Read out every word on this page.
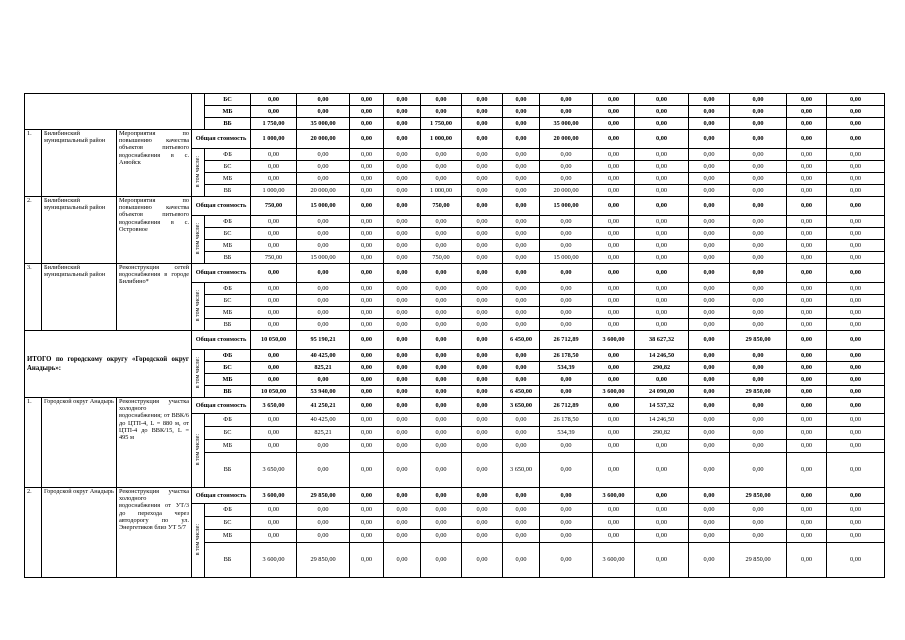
				БС	0,00	0,00	0,00	0,00	0,00	0,00	0,00	0,00	0,00	0,00	0,00	0,00	0,00	0,00
				МБ	0,00	0,00	0,00	0,00	0,00	0,00	0,00	0,00	0,00	0,00	0,00	0,00	0,00	0,00
				ВБ	1 750,00	35 000,00	0,00	0,00	1 750,00	0,00	0,00	35 000,00	0,00	0,00	0,00	0,00	0,00	0,00
1.	Билибинский муниципальный район	Мероприятия по повышению качества объектов питьевого водоснабжения в с. Анюйск	Общая стоимость		1 000,00	20 000,00	0,00	0,00	1 000,00	0,00	0,00	20 000,00	0,00	0,00	0,00	0,00	0,00	0,00
			в том числе:	ФБ	0,00	0,00	0,00	0,00	0,00	0,00	0,00	0,00	0,00	0,00	0,00	0,00	0,00	0,00
				БС	0,00	0,00	0,00	0,00	0,00	0,00	0,00	0,00	0,00	0,00	0,00	0,00	0,00	0,00
				МБ	0,00	0,00	0,00	0,00	0,00	0,00	0,00	0,00	0,00	0,00	0,00	0,00	0,00	0,00
				ВБ	1 000,00	20 000,00	0,00	0,00	1 000,00	0,00	0,00	20 000,00	0,00	0,00	0,00	0,00	0,00	0,00
2.	Билибинский муниципальный район	Мероприятия по повышению качества объектов питьевого водоснабжения в с. Островное	Общая стоимость		750,00	15 000,00	0,00	0,00	750,00	0,00	0,00	15 000,00	0,00	0,00	0,00	0,00	0,00	0,00
			в том числе:	ФБ	0,00	0,00	0,00	0,00	0,00	0,00	0,00	0,00	0,00	0,00	0,00	0,00	0,00	0,00
				БС	0,00	0,00	0,00	0,00	0,00	0,00	0,00	0,00	0,00	0,00	0,00	0,00	0,00	0,00
				МБ	0,00	0,00	0,00	0,00	0,00	0,00	0,00	0,00	0,00	0,00	0,00	0,00	0,00	0,00
				ВБ	750,00	15 000,00	0,00	0,00	750,00	0,00	0,00	15 000,00	0,00	0,00	0,00	0,00	0,00	0,00
3.	Билибинский муниципальный район	Реконструкция сетей водоснабжения в городе Билибино*	Общая стоимость		0,00	0,00	0,00	0,00	0,00	0,00	0,00	0,00	0,00	0,00	0,00	0,00	0,00	0,00
			в том числе:	ФБ	0,00	0,00	0,00	0,00	0,00	0,00	0,00	0,00	0,00	0,00	0,00	0,00	0,00	0,00
				БС	0,00	0,00	0,00	0,00	0,00	0,00	0,00	0,00	0,00	0,00	0,00	0,00	0,00	0,00
				МБ	0,00	0,00	0,00	0,00	0,00	0,00	0,00	0,00	0,00	0,00	0,00	0,00	0,00	0,00
				ВБ	0,00	0,00	0,00	0,00	0,00	0,00	0,00	0,00	0,00	0,00	0,00	0,00	0,00	0,00
ИТОГО по городскому округу «Городской округ Анадырь»:			Общая стоимость		10 050,00	95 190,21	0,00	0,00	0,00	0,00	6 450,00	26 712,89	3 600,00	38 627,32	0,00	29 850,00	0,00	0,00
			в том числе:	ФБ	0,00	40 425,00	0,00	0,00	0,00	0,00	0,00	26 178,50	0,00	14 246,50	0,00	0,00	0,00	0,00
				БС	0,00	825,21	0,00	0,00	0,00	0,00	0,00	534,39	0,00	290,82	0,00	0,00	0,00	0,00
				МБ	0,00	0,00	0,00	0,00	0,00	0,00	0,00	0,00	0,00	0,00	0,00	0,00	0,00	0,00
				ВБ	10 050,00	53 940,00	0,00	0,00	0,00	0,00	6 450,00	0,00	3 600,00	24 090,00	0,00	29 850,00	0,00	0,00
1.	Городской округ Анадырь	Реконструкция участка холодного водоснабжения; от ВВК/6 до ЦТП-4, L = 880 м, от ЦТП-4 до ВВК/15, L = 495 м	Общая стоимость		3 650,00	41 250,21	0,00	0,00	0,00	0,00	3 650,00	26 712,89	0,00	14 537,32	0,00	0,00	0,00	0,00
			в том числе:	ФБ	0,00	40 425,00	0,00	0,00	0,00	0,00	0,00	26 178,50	0,00	14 246,50	0,00	0,00	0,00	0,00
				БС	0,00	825,21	0,00	0,00	0,00	0,00	0,00	534,39	0,00	290,82	0,00	0,00	0,00	0,00
				МБ	0,00	0,00	0,00	0,00	0,00	0,00	0,00	0,00	0,00	0,00	0,00	0,00	0,00	0,00
				ВБ	3 650,00	0,00	0,00	0,00	0,00	0,00	3 650,00	0,00	0,00	0,00	0,00	0,00	0,00	0,00
2.	Городской округ Анадырь	Реконструкция участка холодного водоснабжения от УТ/3 до перехода через автодорогу по ул. Энергетиков близ УТ 5/7	Общая стоимость		3 600,00	29 850,00	0,00	0,00	0,00	0,00	0,00	0,00	3 600,00	0,00	0,00	29 850,00	0,00	0,00
			в том числе:	ФБ	0,00	0,00	0,00	0,00	0,00	0,00	0,00	0,00	0,00	0,00	0,00	0,00	0,00	0,00
				БС	0,00	0,00	0,00	0,00	0,00	0,00	0,00	0,00	0,00	0,00	0,00	0,00	0,00	0,00
				МБ	0,00	0,00	0,00	0,00	0,00	0,00	0,00	0,00	0,00	0,00	0,00	0,00	0,00	0,00
				ВБ	3 600,00	29 850,00	0,00	0,00	0,00	0,00	0,00	0,00	3 600,00	0,00	0,00	29 850,00	0,00	0,00
